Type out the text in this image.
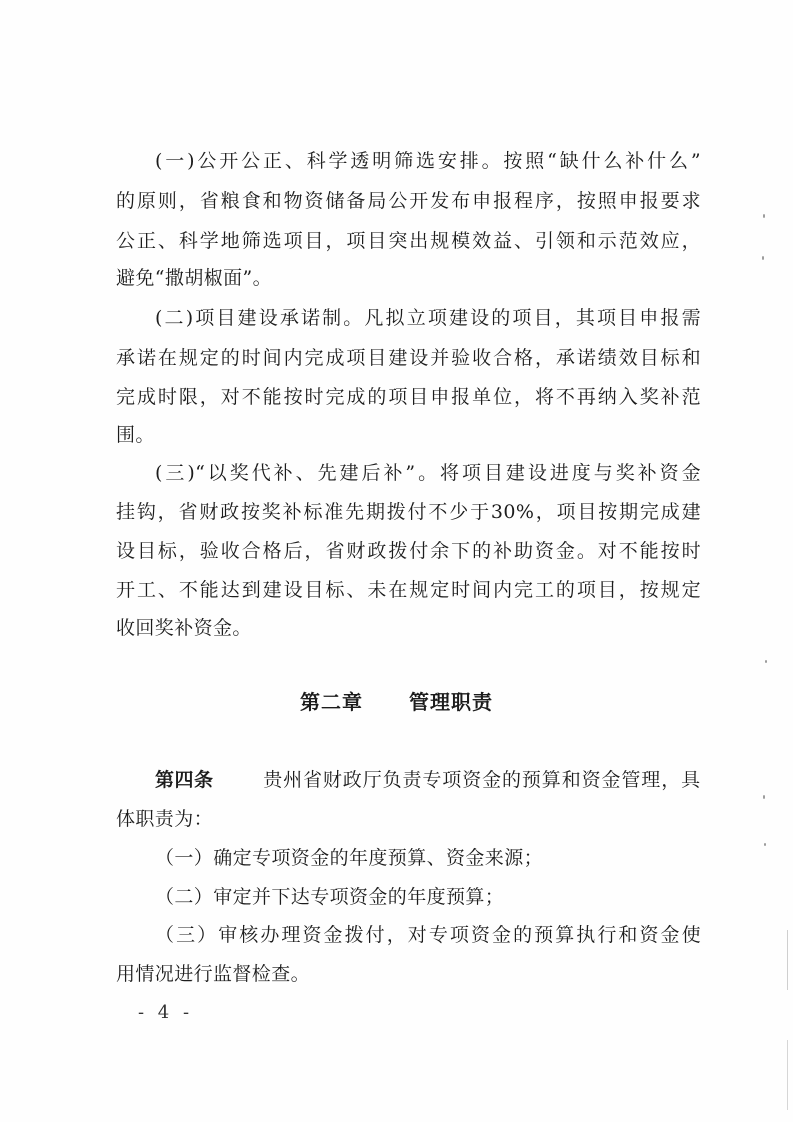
(一)公开公正、科学透明筛选安排。按照“缺什么补什么”
的原则，省粮食和物资储备局公开发布申报程序，按照申报要求
公正、科学地筛选项目，项目突出规模效益、引领和示范效应，
避免“撒胡椒面”。
(二)项目建设承诺制。凡拟立项建设的项目，其项目申报需
承诺在规定的时间内完成项目建设并验收合格，承诺绩效目标和
完成时限，对不能按时完成的项目申报单位，将不再纳入奖补范
围。
(三)“以奖代补、先建后补”。将项目建设进度与奖补资金
挂钩，省财政按奖补标准先期拨付不少于30%，项目按期完成建
设目标，验收合格后，省财政拨付余下的补助资金。对不能按时
开工、不能达到建设目标、未在规定时间内完工的项目，按规定
收回奖补资金。
第二章 管理职责
第四条	贵州省财政厅负责专项资金的预算和资金管理，具
体职责为：
（一）确定专项资金的年度预算、资金来源；
（二）审定并下达专项资金的年度预算；
（三）审核办理资金拨付，对专项资金的预算执行和资金使
用情况进行监督检查。
- 4 -
